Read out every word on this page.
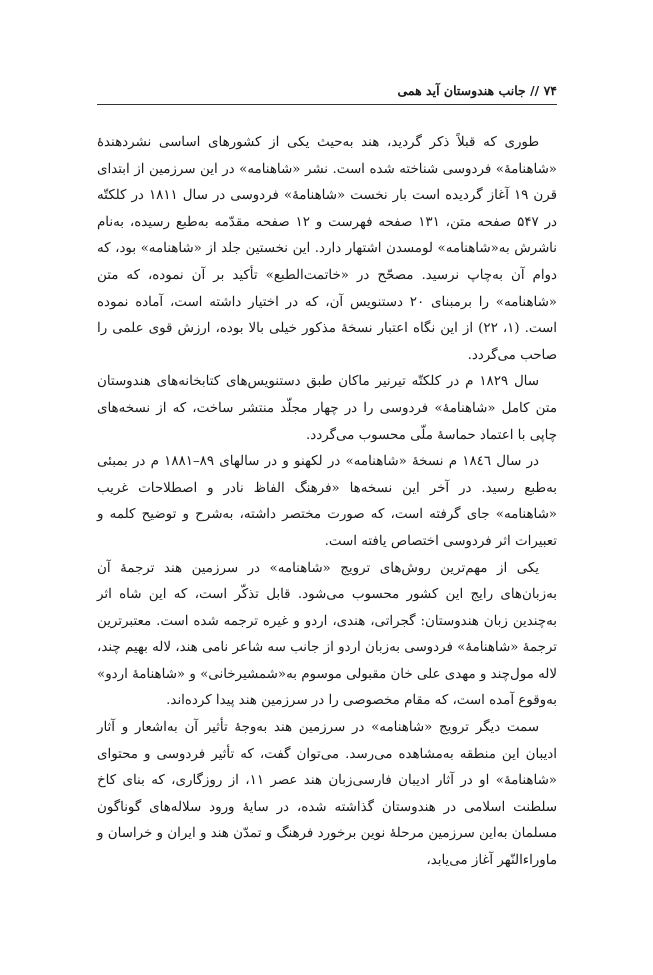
۷۴ // جانب هندوستان آید همی

طوری که قبلاً ذکر گردید، هند به‌حیث یکی از کشورهای اساسی نشردهندهٔ «شاهنامهٔ» فردوسی شناخته شده است. نشر «شاهنامه» در این سرزمین از ابتدای قرن ۱۹ آغاز گردیده است بار نخست «شاهنامهٔ» فردوسی در سال ۱۸۱۱ در کلکتّه در ۵۴۷ صفحه متن، ۱۳۱ صفحه فهرست و ۱۲ صفحه مقدّمه به‌طبع رسیده، به‌نام ناشرش به«شاهنامه» لومسدن اشتهار دارد. این نخستین جلد از «شاهنامه» بود، که دوام آن به‌چاپ نرسید. مصحّح در «خاتمت‌الطبع» تأکید بر آن نموده، که متن «شاهنامه» را برمبنای ۲۰ دستنویس آن، که در اختیار داشته است، آماده نموده است. (۱، ۲۲) از این نگاه اعتبار نسخهٔ مذکور خیلی بالا بوده، ارزش قوی علمی را صاحب می‌گردد.

سال ۱۸۲۹ م در کلکتّه تیرنیر ماکان طبق دستنویس‌های کتابخانه‌های هندوستان متن کامل «شاهنامهٔ» فردوسی را در چهار مجلّد منتشر ساخت، که از نسخه‌های چاپی با اعتماد حماسهٔ ملّی محسوب می‌گردد.

در سال ۱۸٤٦ م نسخهٔ «شاهنامه» در لکهنو و در سالهای ۸۹–۱۸۸۱ م در بمبئی به‌طبع رسید. در آخر این نسخه‌ها «فرهنگ الفاظ نادر و اصطلاحات غریب «شاهنامه» جای گرفته است، که صورت مختصر داشته، به‌شرح و توضیح کلمه و تعبیرات اثر فردوسی اختصاص یافته است.

یکی از مهم‌ترین روش‌های ترویج «شاهنامه» در سرزمین هند ترجمهٔ آن به‌زبان‌های رایج این کشور محسوب می‌شود. قابل تذکّر است، که این شاه اثر به‌چندین زبان هندوستان: گجراتی، هندی، اردو و غیره ترجمه شده است. معتبرترین ترجمهٔ «شاهنامهٔ» فردوسی به‌زبان اردو از جانب سه شاعر نامی هند، لاله بهیم چند، لاله مول‌چند و مهدی علی خان مقبولی موسوم به«شمشیرخانی» و «شاهنامهٔ اردو» به‌وقوع آمده است، که مقام مخصوصی را در سرزمین هند پیدا کرده‌اند.

سمت دیگر ترویج «شاهنامه» در سرزمین هند به‌وجهٔ تأثیر آن به‌اشعار و آثار ادیبان این منطقه به‌مشاهده می‌رسد. می‌توان گفت، که تأثیر فردوسی و محتوای «شاهنامهٔ» او در آثار ادیبان فارسی‌زبان هند عصر ۱۱، از روزگاری، که بنای کاخ سلطنت اسلامی در هندوستان گذاشته شده، در سایهٔ ورود سلاله‌های گوناگون مسلمان به‌این سرزمین مرحلهٔ نوین برخورد فرهنگ و تمدّن هند و ایران و خراسان و ماوراءالنّهر آغاز می‌یابد،
